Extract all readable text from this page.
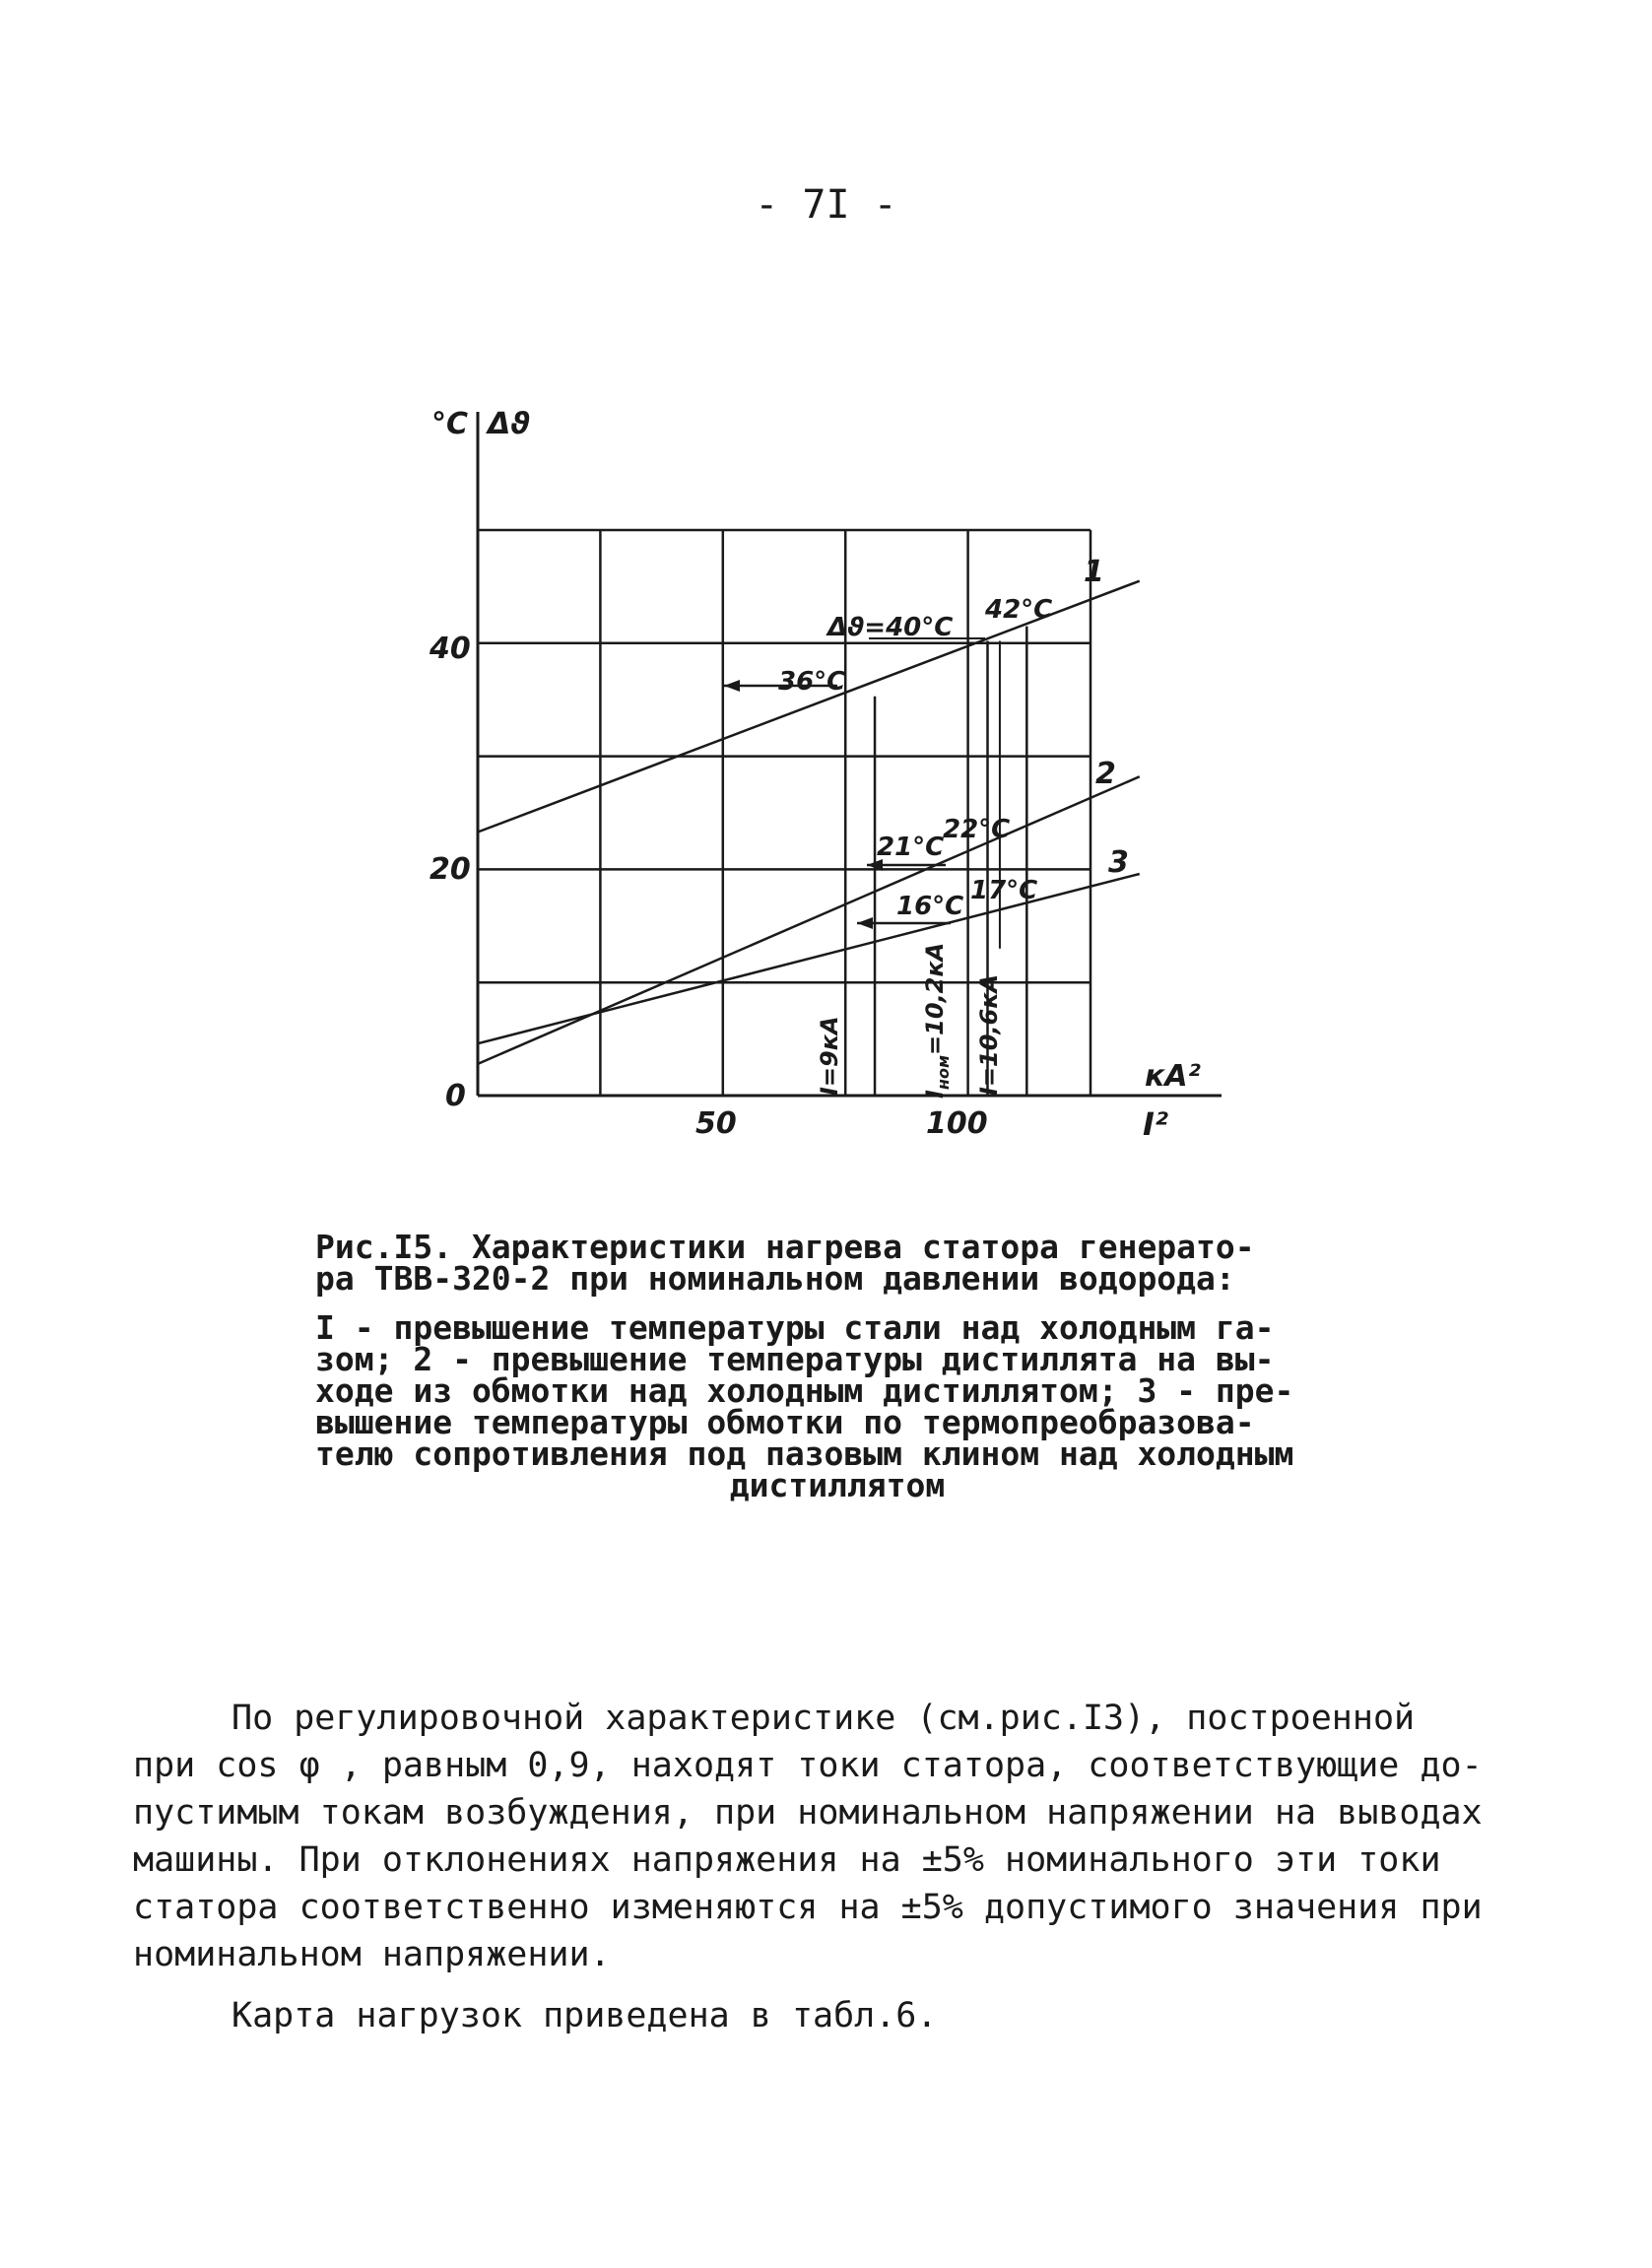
- 7I -
°C Δϑ
кА²
I²
0
20
40
50	100
1
2
3
36°C
Δϑ=40°C
42°C
21°C
22°C
16°C
17°C
I=9кА	$I_{ном}=10,2кА$ I=10,6кА
Рис.I5. Характеристики нагрева статора генерато-
ра ТВВ-320-2 при номинальном давлении водорода:
I - превышение температуры стали над холодным га-
зом; 2 - превышение температуры дистиллята на вы-
ходе из обмотки над холодным дистиллятом; 3 - пре-
вышение температуры обмотки по термопреобразова-
телю сопротивления под пазовым клином над холодным
дистиллятом
По регулировочной характеристике (см.рис.I3), построенной
при cos φ , равным 0,9, находят токи статора, соответствующие до-
пустимым токам возбуждения, при номинальном напряжении на выводах
машины. При отклонениях напряжения на ±5% номинального эти токи
статора соответственно изменяются на ±5% допустимого значения при
номинальном напряжении.
Карта нагрузок приведена в табл.6.
